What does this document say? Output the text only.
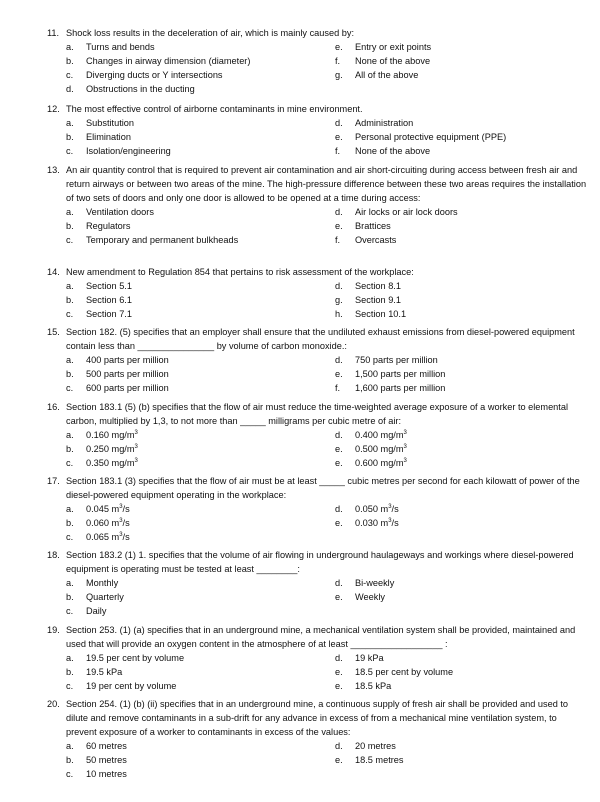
11. Shock loss results in the deceleration of air, which is mainly caused by:
a. Turns and bends	e. Entry or exit points
b. Changes in airway dimension (diameter)	f. None of the above
c. Diverging ducts or Y intersections	g. All of the above
d. Obstructions in the ducting
12. The most effective control of airborne contaminants in mine environment.
a. Substitution	d. Administration
b. Elimination	e. Personal protective equipment (PPE)
c. Isolation/engineering	f. None of the above
13. An air quantity control that is required to prevent air contamination and air short-circuiting during access between fresh air and return airways or between two areas of the mine. The high-pressure difference between these two areas requires the installation of two sets of doors and only one door is allowed to be opened at a time during access:
a. Ventilation doors	d. Air locks or air lock doors
b. Regulators	e. Brattices
c. Temporary and permanent bulkheads	f. Overcasts
14. New amendment to Regulation 854 that pertains to risk assessment of the workplace:
a. Section 5.1	d. Section 8.1
b. Section 6.1	g. Section 9.1
c. Section 7.1	h. Section 10.1
15. Section 182. (5) specifies that an employer shall ensure that the undiluted exhaust emissions from diesel-powered equipment contain less than _______________ by volume of carbon monoxide.:
a. 400 parts per million	d. 750 parts per million
b. 500 parts per million	e. 1,500 parts per million
c. 600 parts per million	f. 1,600 parts per million
16. Section 183.1 (5) (b) specifies that the flow of air must reduce the time-weighted average exposure of a worker to elemental carbon, multiplied by 1,3, to not more than _____ milligrams per cubic metre of air:
a. 0.160 $mg/m^3$	d. 0.400 $mg/m^3$
b. 0.250 $mg/m^3$	e. 0.500 $mg/m^3$
c. 0.350 $mg/m^3$	e. 0.600 $mg/m^3$
17. Section 183.1 (3) specifies that the flow of air must be at least _____ cubic metres per second for each kilowatt of power of the diesel-powered equipment operating in the workplace:
a. 0.045 $m^3/s$	d. 0.050 $m^3/s$
b. 0.060 $m^3/s$	e. 0.030 $m^3/s$
c. 0.065 $m^3/s$
18. Section 183.2 (1) 1. specifies that the volume of air flowing in underground haulageways and workings where diesel-powered equipment is operating must be tested at least ________:
a. Monthly	d. Bi-weekly
b. Quarterly	e. Weekly
c. Daily
19. Section 253. (1) (a) specifies that in an underground mine, a mechanical ventilation system shall be provided, maintained and used that will provide an oxygen content in the atmosphere of at least __________________ :
a. 19.5 per cent by volume	d. 19 kPa
b. 19.5 kPa	e. 18.5 per cent by volume
c. 19 per cent by volume	e. 18.5 kPa
20. Section 254. (1) (b) (ii) specifies that in an underground mine, a continuous supply of fresh air shall be provided and used to dilute and remove contaminants in a sub-drift for any advance in excess of from a mechanical mine ventilation system, to prevent exposure of a worker to contaminants in excess of the values:
a. 60 metres	d. 20 metres
b. 50 metres	e. 18.5 metres
c. 10 metres
